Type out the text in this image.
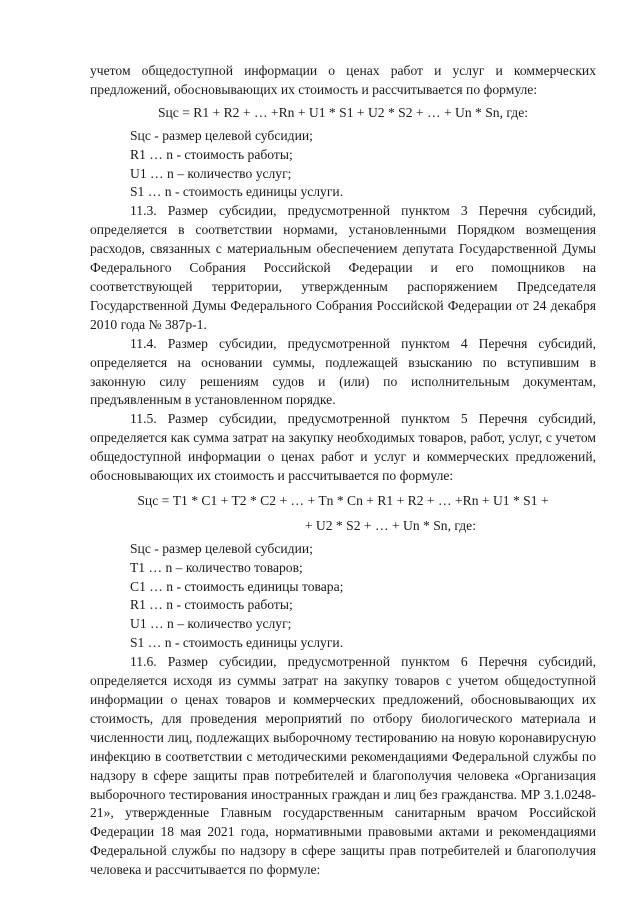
учетом общедоступной информации о ценах работ и услуг и коммерческих предложений, обосновывающих их стоимость и рассчитывается по формуле:

Sцс = R1 + R2 + … +Rn + U1 * S1 + U2 * S2 + … + Un * Sn, где:

Sцс - размер целевой субсидии;

R1 … n - стоимость работы;

U1 … n – количество услуг;

S1 … n - стоимость единицы услуги.

11.3. Размер субсидии, предусмотренной пунктом 3 Перечня субсидий, определяется в соответствии нормами, установленными Порядком возмещения расходов, связанных с материальным обеспечением депутата Государственной Думы Федерального Собрания Российской Федерации и его помощников на соответствующей территории, утвержденным распоряжением Председателя Государственной Думы Федерального Собрания Российской Федерации от 24 декабря 2010 года № 387р-1.

11.4. Размер субсидии, предусмотренной пунктом 4 Перечня субсидий, определяется на основании суммы, подлежащей взысканию по вступившим в законную силу решениям судов и (или) по исполнительным документам, предъявленным в установленном порядке.

11.5. Размер субсидии, предусмотренной пунктом 5 Перечня субсидий, определяется как сумма затрат на закупку необходимых товаров, работ, услуг, с учетом общедоступной информации о ценах работ и услуг и коммерческих предложений, обосновывающих их стоимость и рассчитывается по формуле:

Sцс = T1 * C1 + T2 * C2 + … + Tn * Cn + R1 + R2 + … +Rn + U1 * S1 +

+ U2 * S2 + … + Un * Sn, где:

Sцс - размер целевой субсидии;

T1 … n – количество товаров;

C1 … n - стоимость единицы товара;

R1 … n - стоимость работы;

U1 … n – количество услуг;

S1 … n - стоимость единицы услуги.

11.6. Размер субсидии, предусмотренной пунктом 6 Перечня субсидий, определяется исходя из суммы затрат на закупку товаров с учетом общедоступной информации о ценах товаров и коммерческих предложений, обосновывающих их стоимость, для проведения мероприятий по отбору биологического материала и численности лиц, подлежащих выборочному тестированию на новую коронавирусную инфекцию в соответствии с методическими рекомендациями Федеральной службы по надзору в сфере защиты прав потребителей и благополучия человека «Организация выборочного тестирования иностранных граждан и лиц без гражданства. МР 3.1.0248-21», утвержденные Главным государственным санитарным врачом Российской Федерации 18 мая 2021 года, нормативными правовыми актами и рекомендациями Федеральной службы по надзору в сфере защиты прав потребителей и благополучия человека и рассчитывается по формуле:
